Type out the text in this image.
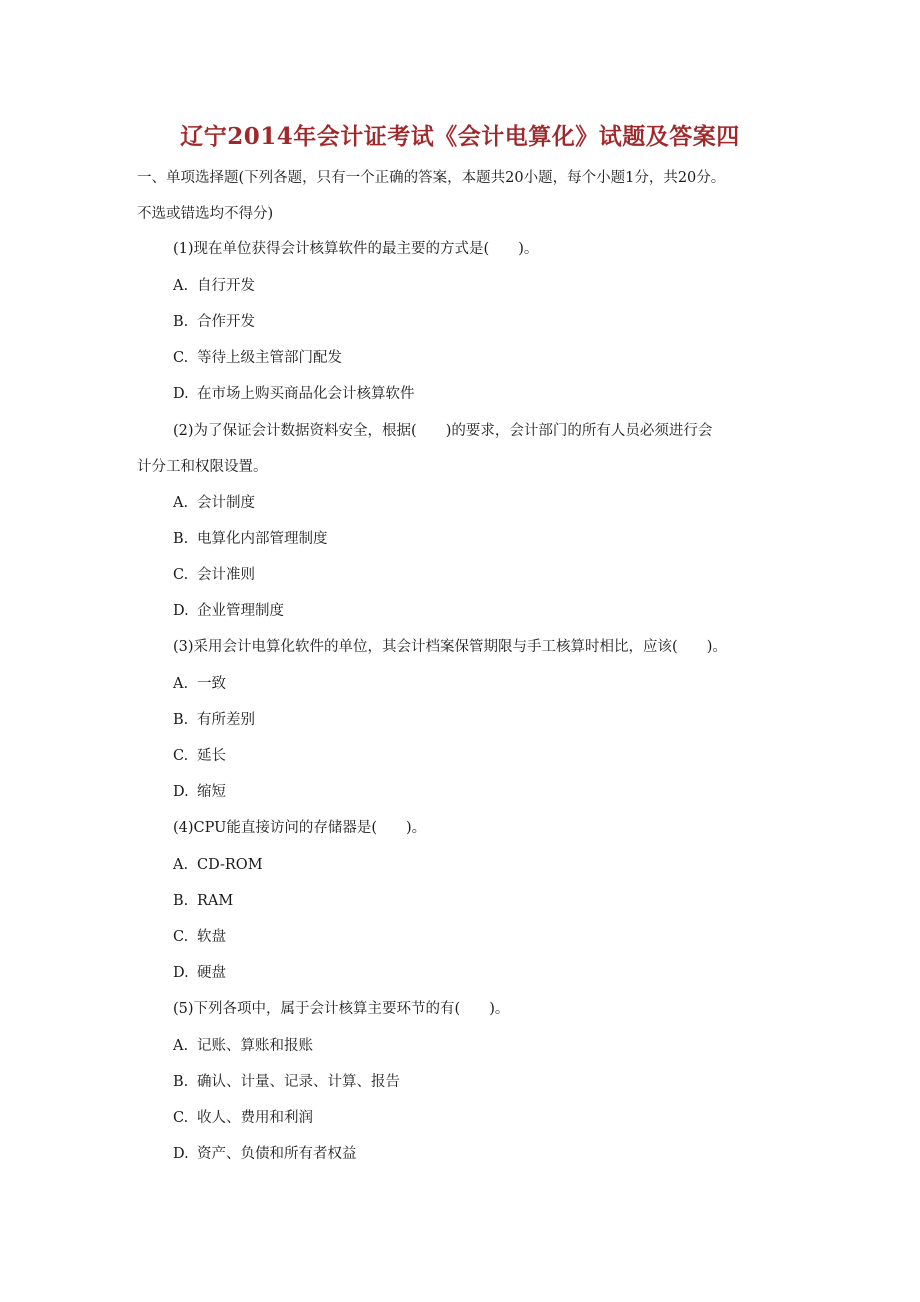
辽宁2014年会计证考试《会计电算化》试题及答案四
一、单项选择题(下列各题，只有一个正确的答案，本题共20小题，每个小题1分，共20分。
不选或错选均不得分)
(1)现在单位获得会计核算软件的最主要的方式是(　　)。
A. 自行开发
B. 合作开发
C. 等待上级主管部门配发
D. 在市场上购买商品化会计核算软件
(2)为了保证会计数据资料安全，根据(　　)的要求，会计部门的所有人员必须进行会
计分工和权限设置。
A. 会计制度
B. 电算化内部管理制度
C. 会计准则
D. 企业管理制度
(3)采用会计电算化软件的单位，其会计档案保管期限与手工核算时相比，应该(　　)。
A. 一致
B. 有所差别
C. 延长
D. 缩短
(4)CPU能直接访问的存储器是(　　)。
A. CD-ROM
B. RAM
C. 软盘
D. 硬盘
(5)下列各项中，属于会计核算主要环节的有(　　)。
A. 记账、算账和报账
B. 确认、计量、记录、计算、报告
C. 收人、费用和利润
D. 资产、负债和所有者权益
